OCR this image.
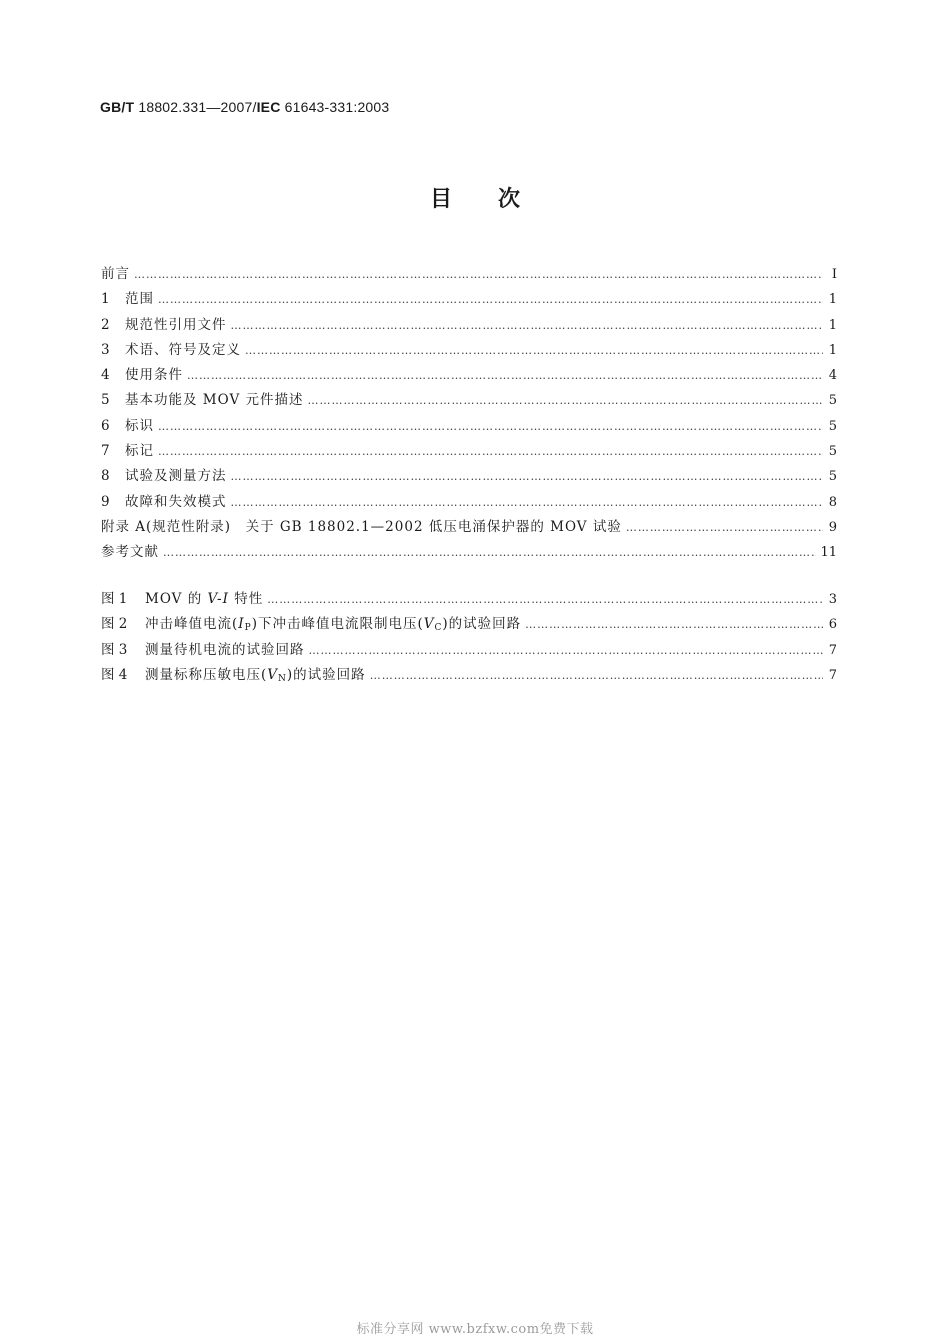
GB/T 18802.331—2007/IEC 61643-331:2003
目次
前言 ………………………………………………………………………………………………………………………………………………………………………………………………………………	I
1	范围 ………………………………………………………………………………………………………………………………………………………………………………………………………………	1
2	规范性引用文件 ………………………………………………………………………………………………………………………………………………………………………………………………………………	1
3	术语、符号及定义 ………………………………………………………………………………………………………………………………………………………………………………………………………………	1
4	使用条件 ………………………………………………………………………………………………………………………………………………………………………………………………………………	4
5	基本功能及 MOV 元件描述 ………………………………………………………………………………………………………………………………………………………………………………………………………………	5
6	标识 ………………………………………………………………………………………………………………………………………………………………………………………………………………	5
7	标记 ………………………………………………………………………………………………………………………………………………………………………………………………………………	5
8	试验及测量方法 ………………………………………………………………………………………………………………………………………………………………………………………………………………	5
9	故障和失效模式 ………………………………………………………………………………………………………………………………………………………………………………………………………………	8
附录 A(规范性附录)　关于 GB 18802.1—2002 低压电涌保护器的 MOV 试验 ………………………………………………………………………………………………………………………………………………………………………………………………………………	9
参考文献 ………………………………………………………………………………………………………………………………………………………………………………………………………………	11
图 1	MOV 的 V-I 特性 ………………………………………………………………………………………………………………………………………………………………………………………………………………	3
图 2	冲击峰值电流$(I_P)$下冲击峰值电流限制电压$(V_C)$的试验回路 ………………………………………………………………………………………………………………………………………………………………………………………………………………	6
图 3	测量待机电流的试验回路 ………………………………………………………………………………………………………………………………………………………………………………………………………………	7
图 4	测量标称压敏电压$(V_N)$的试验回路 ………………………………………………………………………………………………………………………………………………………………………………………………………………	7
标准分享网 www.bzfxw.com免费下载
